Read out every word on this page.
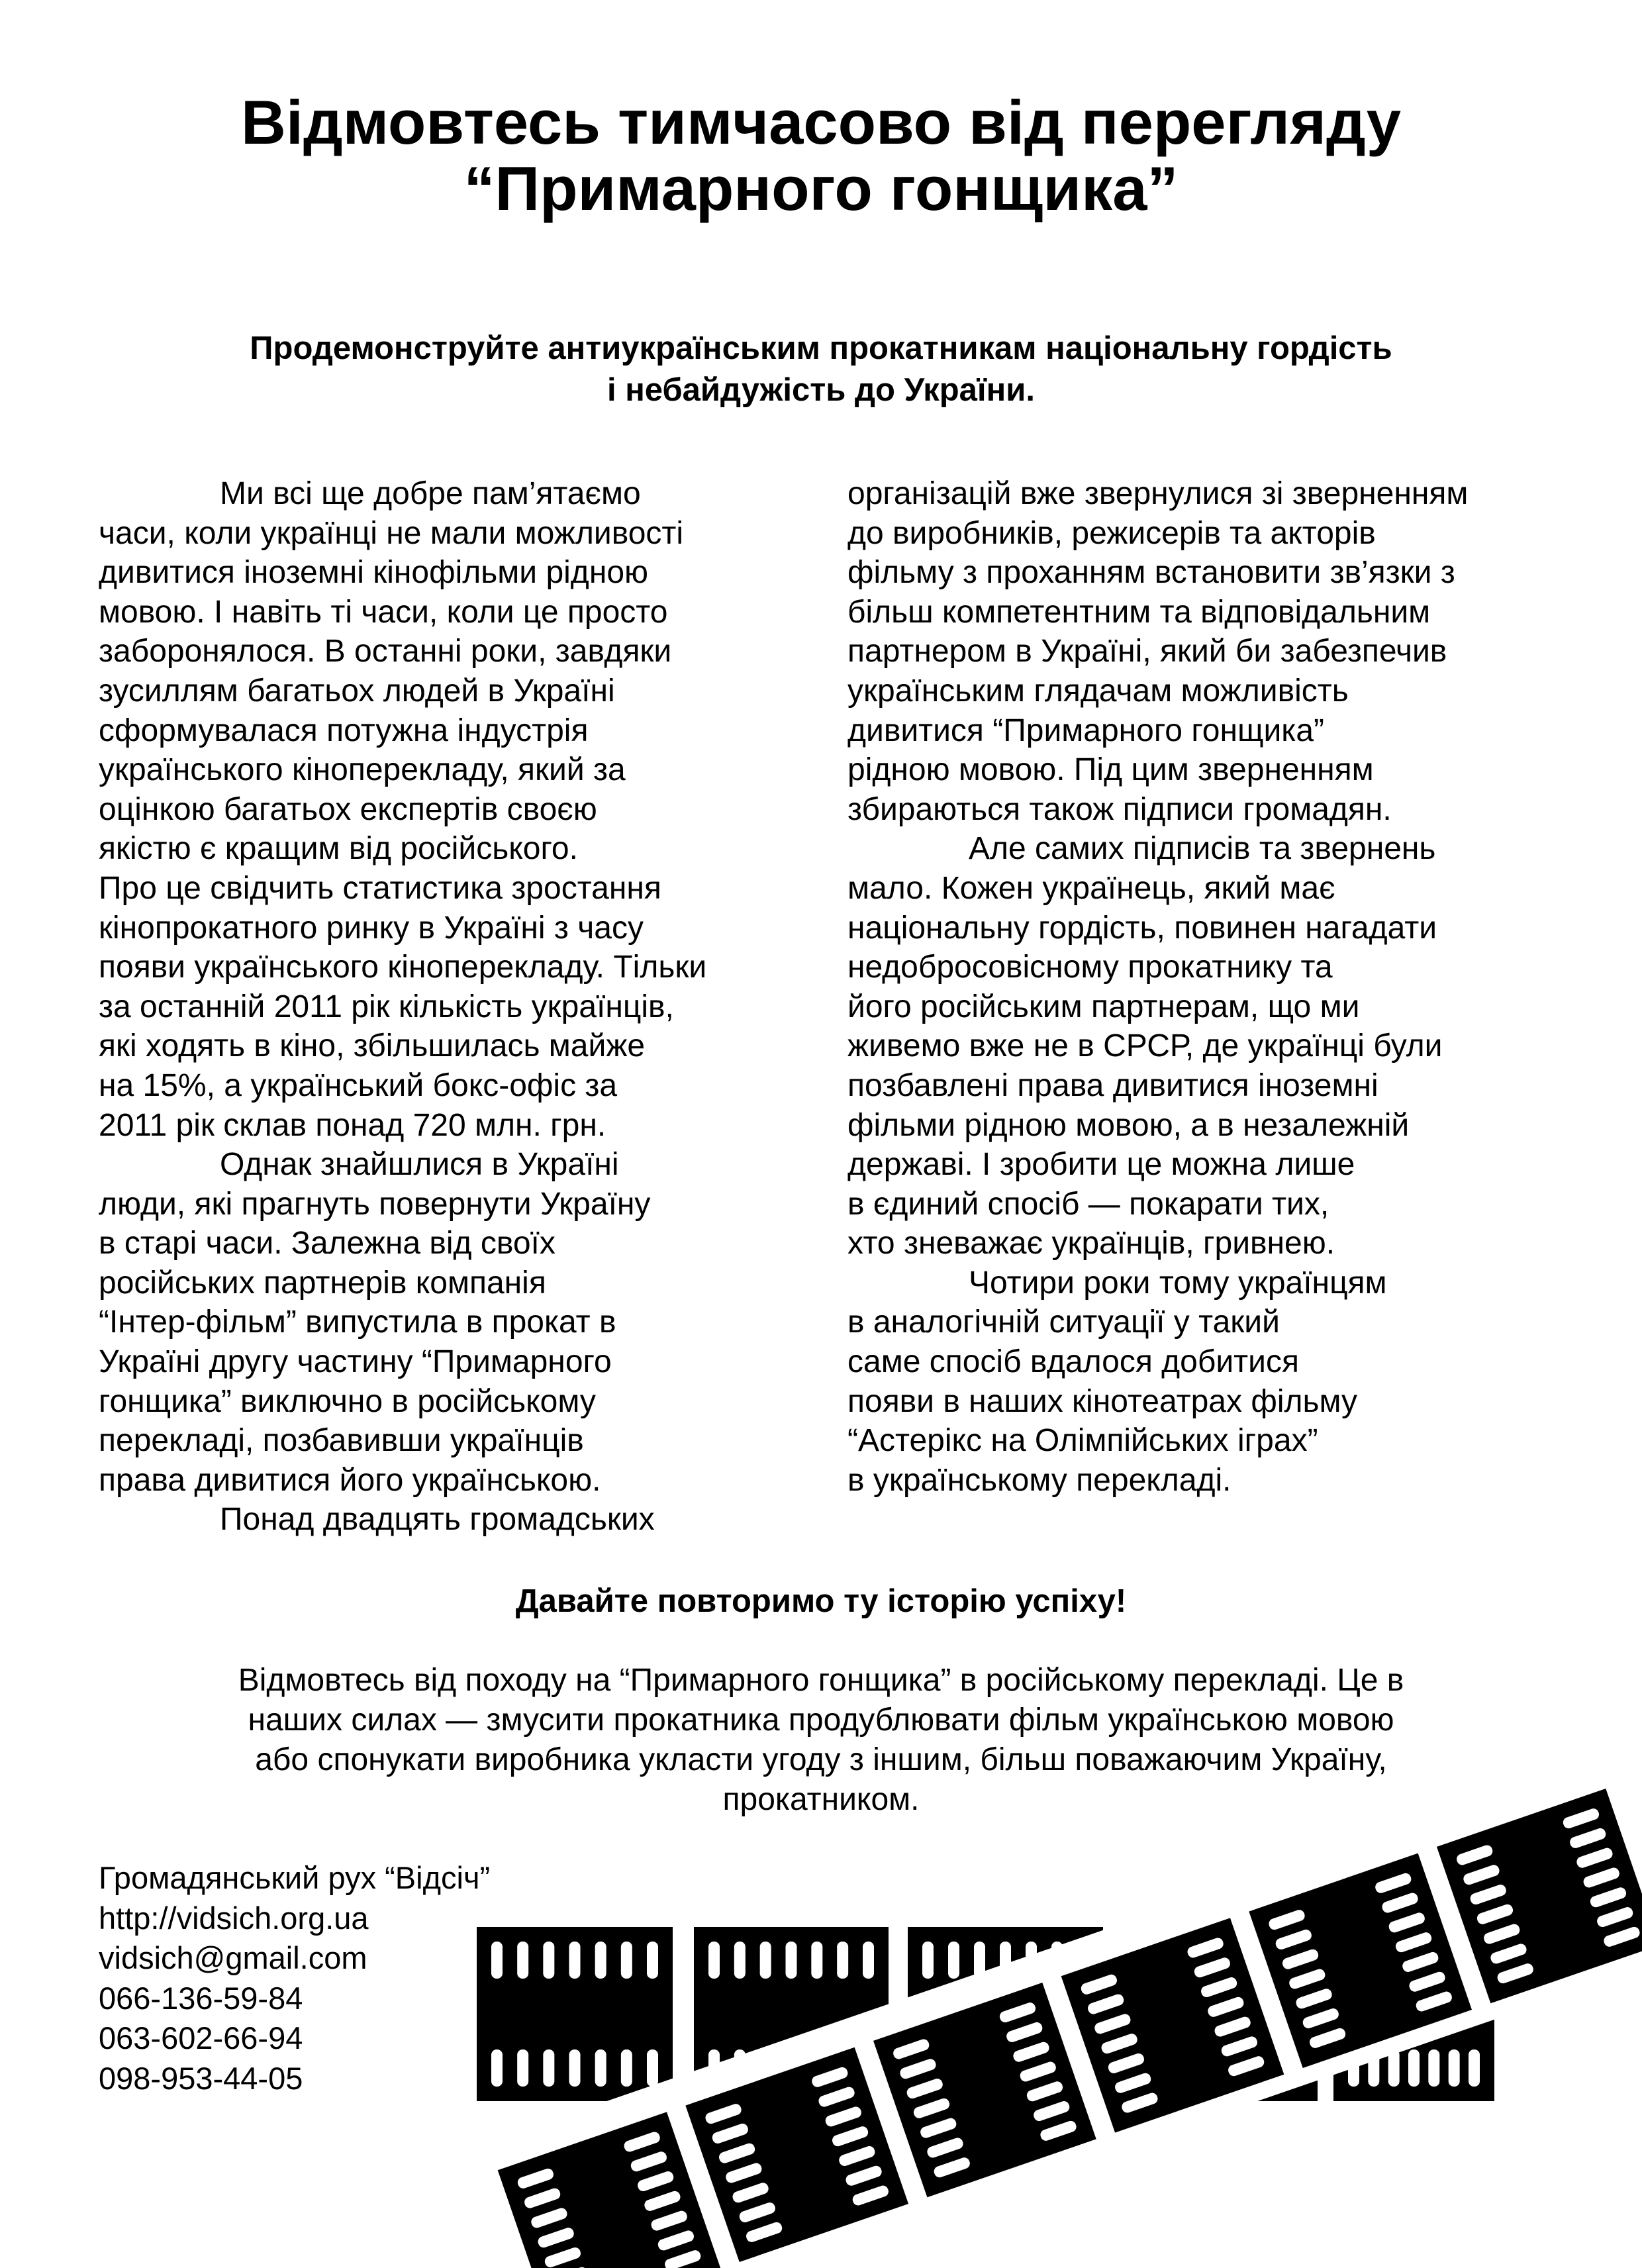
Відмовтесь тимчасово від перегляду
“Примарного гонщика”
Продемонструйте антиукраїнським прокатникам національну гордість
і небайдужість до України.
Ми всі ще добре пам’ятаємо
часи, коли українці не мали можливості
дивитися іноземні кінофільми рідною
мовою. І навіть ті часи, коли це просто
заборонялося. В останні роки, завдяки
зусиллям багатьох людей в Україні
сформувалася потужна індустрія
українського кіноперекладу, який за
оцінкою багатьох експертів своєю
якістю є кращим від російського.
Про це свідчить статистика зростання
кінопрокатного ринку в Україні з часу
появи українського кіноперекладу. Тільки
за останній 2011 рік кількість українців,
які ходять в кіно, збільшилась майже
на 15%, а український бокс-офіс за
2011 рік склав понад 720 млн. грн.
Однак знайшлися в Україні
люди, які прагнуть повернути Україну
в старі часи. Залежна від своїх
російських партнерів компанія
“Інтер-фільм” випустила в прокат в
Україні другу частину “Примарного
гонщика” виключно в російському
перекладі, позбавивши українців
права дивитися його українською.
Понад двадцять громадських
організацій вже звернулися зі зверненням
до виробників, режисерів та акторів
фільму з проханням встановити зв’язки з
більш компетентним та відповідальним
партнером в Україні, який би забезпечив
українським глядачам можливість
дивитися “Примарного гонщика”
рідною мовою. Під цим зверненням
збираються також підписи громадян.
Але самих підписів та звернень
мало. Кожен українець, який має
національну гордість, повинен нагадати
недобросовісному прокатнику та
його російським партнерам, що ми
живемо вже не в СРСР, де українці були
позбавлені права дивитися іноземні
фільми рідною мовою, а в незалежній
державі. І зробити це можна лише
в єдиний спосіб — покарати тих,
хто зневажає українців, гривнею.
Чотири роки тому українцям
в аналогічній ситуації у такий
саме спосіб вдалося добитися
появи в наших кінотеатрах фільму
“Астерікс на Олімпійських іграх”
в українському перекладі.
Давайте повторимо ту історію успіху!
Відмовтесь від походу на “Примарного гонщика” в російському перекладі. Це в
наших силах — змусити прокатника продублювати фільм українською мовою
або спонукати виробника укласти угоду з іншим, більш поважаючим Україну,
прокатником.
Громадянський рух “Відсіч”
http://vidsich.org.ua
vidsich@gmail.com
066-136-59-84
063-602-66-94
098-953-44-05
